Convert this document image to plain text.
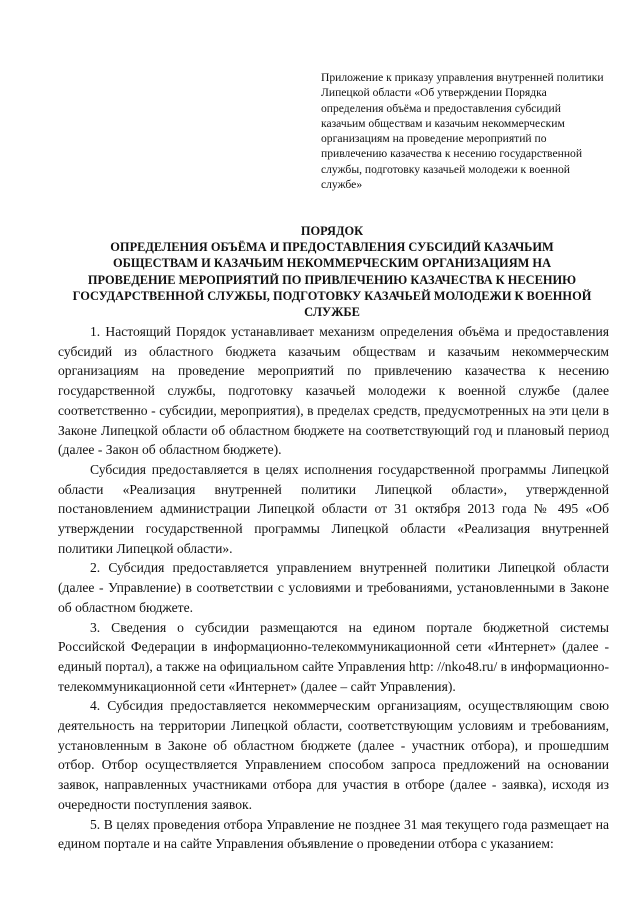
Приложение к приказу управления внутренней политики Липецкой области «Об утверждении Порядка определения объёма и предоставления субсидий казачьим обществам и казачьим некоммерческим организациям на проведение мероприятий по привлечению казачества к несению государственной службы, подготовку казачьей молодежи к военной службе»
ПОРЯДОК
ОПРЕДЕЛЕНИЯ ОБЪЁМА И ПРЕДОСТАВЛЕНИЯ СУБСИДИЙ КАЗАЧЬИМ
ОБЩЕСТВАМ И КАЗАЧЬИМ НЕКОММЕРЧЕСКИМ ОРГАНИЗАЦИЯМ НА
ПРОВЕДЕНИЕ МЕРОПРИЯТИЙ ПО ПРИВЛЕЧЕНИЮ КАЗАЧЕСТВА К НЕСЕНИЮ
ГОСУДАРСТВЕННОЙ СЛУЖБЫ, ПОДГОТОВКУ КАЗАЧЬЕЙ МОЛОДЕЖИ К ВОЕННОЙ
СЛУЖБЕ

1. Настоящий Порядок устанавливает механизм определения объёма и предоставления субсидий из областного бюджета казачьим обществам и казачьим некоммерческим организациям на проведение мероприятий по привлечению казачества к несению государственной службы, подготовку казачьей молодежи к военной службе (далее соответственно - субсидии, мероприятия), в пределах средств, предусмотренных на эти цели в Законе Липецкой области об областном бюджете на соответствующий год и плановый период (далее - Закон об областном бюджете).

Субсидия предоставляется в целях исполнения государственной программы Липецкой области «Реализация внутренней политики Липецкой области», утвержденной постановлением администрации Липецкой области от 31 октября 2013 года № 495 «Об утверждении государственной программы Липецкой области «Реализация внутренней политики Липецкой области».

2. Субсидия предоставляется управлением внутренней политики Липецкой области (далее - Управление) в соответствии с условиями и требованиями, установленными в Законе об областном бюджете.

3. Сведения о субсидии размещаются на едином портале бюджетной системы Российской Федерации в информационно-телекоммуникационной сети «Интернет» (далее - единый портал), а также на официальном сайте Управления http: //nko48.ru/ в информационно-телекоммуникационной сети «Интернет» (далее – сайт Управления).

4. Субсидия предоставляется некоммерческим организациям, осуществляющим свою деятельность на территории Липецкой области, соответствующим условиям и требованиям, установленным в Законе об областном бюджете (далее - участник отбора), и прошедшим отбор. Отбор осуществляется Управлением способом запроса предложений на основании заявок, направленных участниками отбора для участия в отборе (далее - заявка), исходя из очередности поступления заявок.

5. В целях проведения отбора Управление не позднее 31 мая текущего года размещает на едином портале и на сайте Управления объявление о проведении отбора с указанием:
